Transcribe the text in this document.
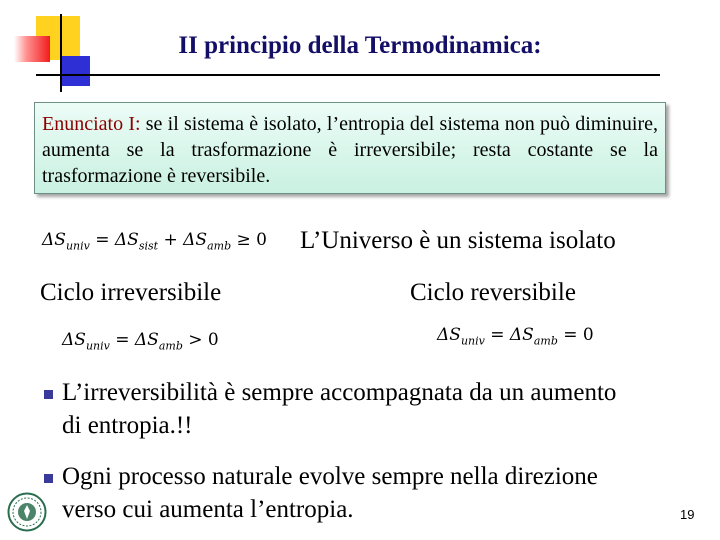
II principio della Termodinamica:
Enunciato I: se il sistema è isolato, l’entropia del sistema non può diminuire, aumenta se la trasformazione è irreversibile; resta costante se la trasformazione è reversibile.
$\Delta S_{univ} = \Delta S_{sist} + \Delta S_{amb} \ge 0$ L’Universo è un sistema isolato
Ciclo irreversibile	Ciclo reversibile
$\Delta S_{univ} = \Delta S_{amb} > 0$	$\Delta S_{univ} = \Delta S_{amb} = 0$
L’irreversibilità è sempre accompagnata da un aumento
di entropia.!!
Ogni processo naturale evolve sempre nella direzione
verso cui aumenta l’entropia.	19
